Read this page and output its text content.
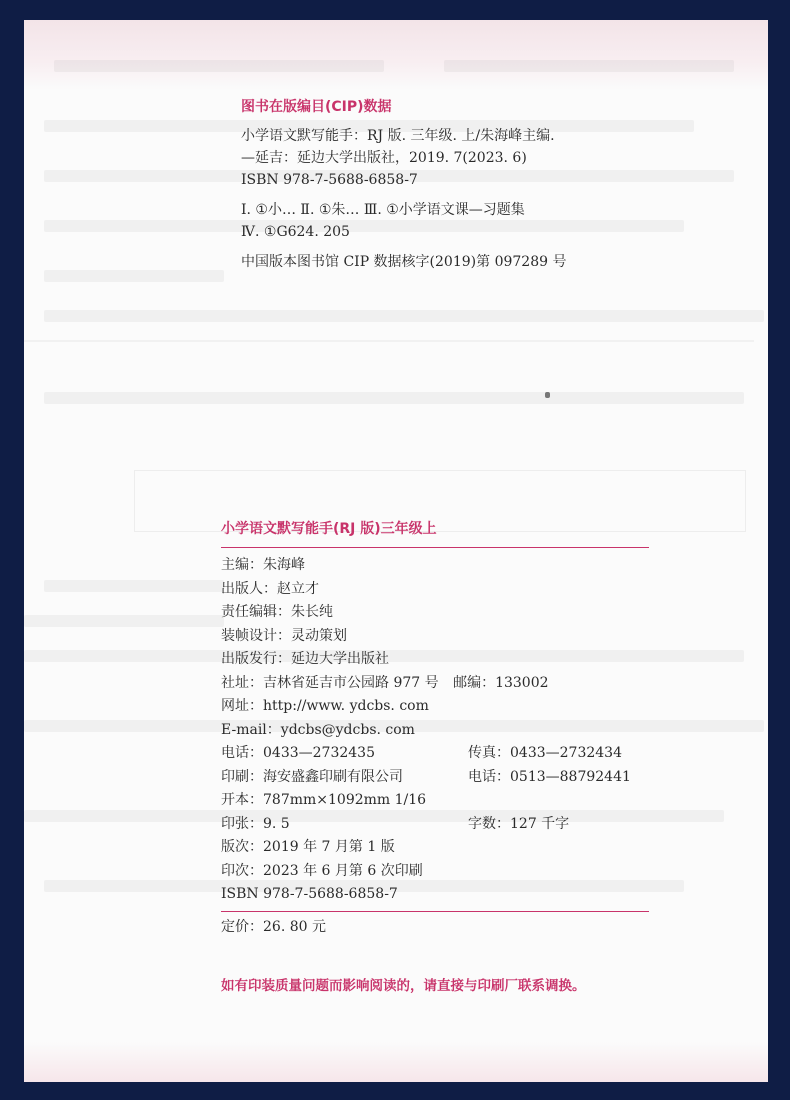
图书在版编目(CIP)数据
小学语文默写能手：RJ 版. 三年级. 上/朱海峰主编.
—延吉：延边大学出版社，2019. 7(2023. 6)
ISBN 978-7-5688-6858-7
Ⅰ. ①小… Ⅱ. ①朱… Ⅲ. ①小学语文课—习题集
Ⅳ. ①G624. 205
中国版本图书馆 CIP 数据核字(2019)第 097289 号
小学语文默写能手(RJ 版)三年级上
主编：朱海峰
出版人：赵立才
责任编辑：朱长纯
装帧设计：灵动策划
出版发行：延边大学出版社
社址：吉林省延吉市公园路 977 号 邮编：133002
网址：http://www. ydcbs. com
E-mail：ydcbs@ydcbs. com
电话：0433—2732435	传真：0433—2732434
印刷：海安盛鑫印刷有限公司	电话：0513—88792441
开本：787mm×1092mm 1/16
印张：9. 5	字数：127 千字
版次：2019 年 7 月第 1 版
印次：2023 年 6 月第 6 次印刷
ISBN 978-7-5688-6858-7
定价：26. 80 元
如有印装质量问题而影响阅读的，请直接与印刷厂联系调换。
